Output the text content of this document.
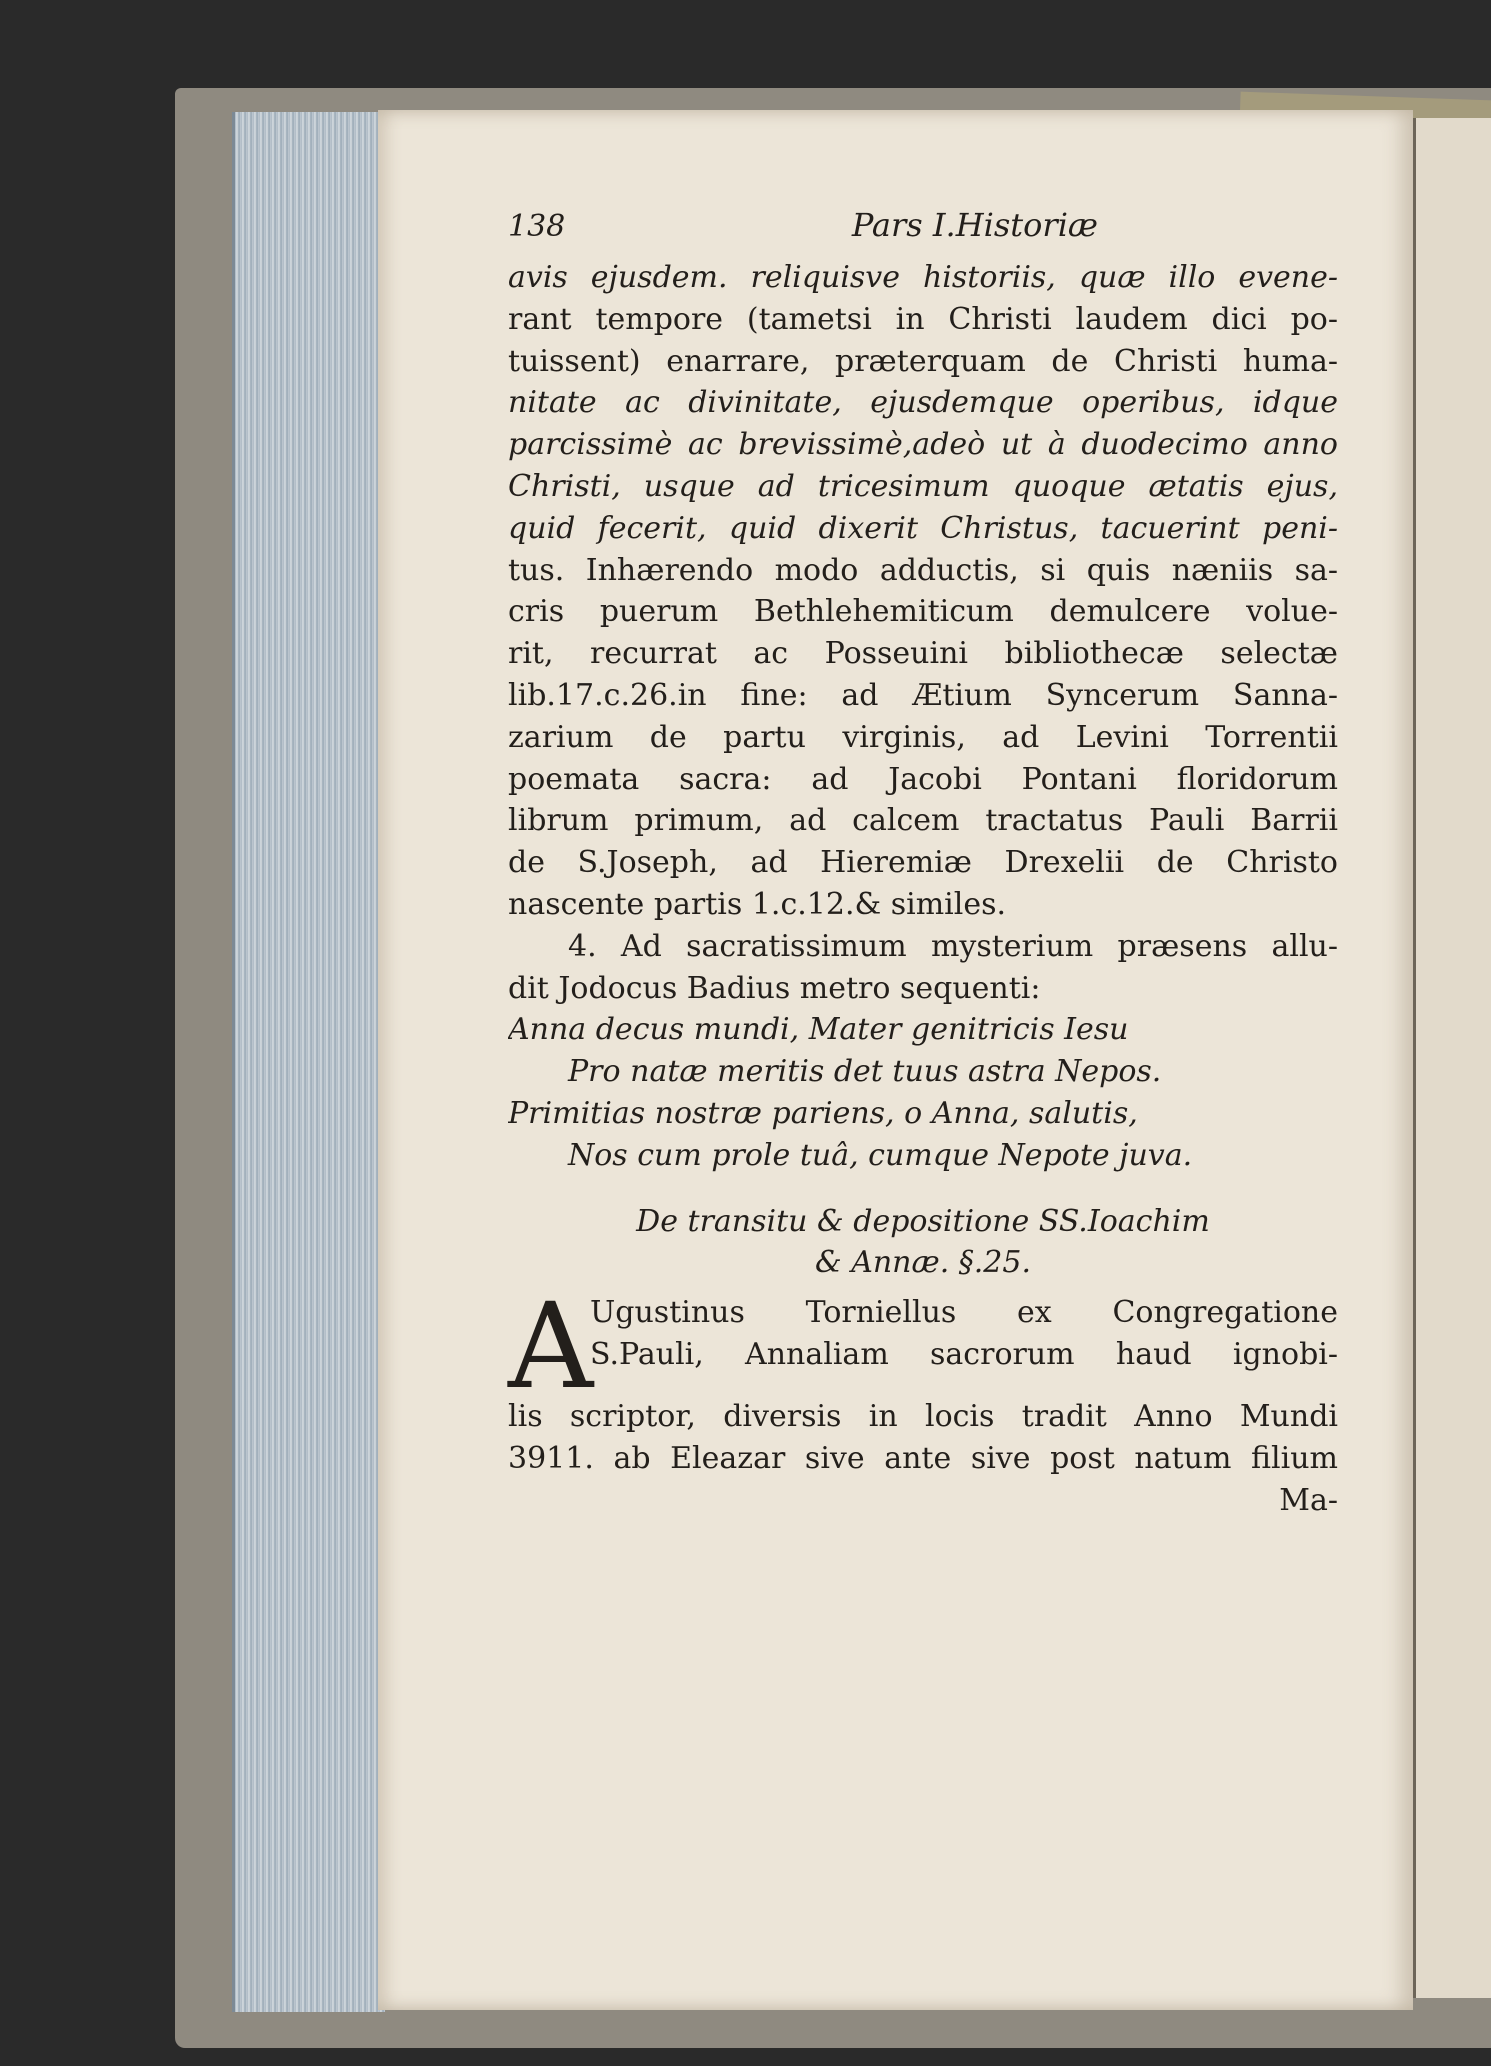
138	Pars I.Historiæ
avis ejusdem. reliquisve historiis, quæ illo evene-
rant tempore (tametsi in Christi laudem dici po-
tuissent) enarrare, præterquam de Christi huma-
nitate ac divinitate, ejusdemque operibus, idque
parcissimè ac brevissimè,adeò ut à duodecimo anno
Christi, usque ad tricesimum quoque ætatis ejus,
quid fecerit, quid dixerit Christus, tacuerint peni-
tus. Inhærendo modo adductis, si quis næniis sa-
cris puerum Bethlehemiticum demulcere volue-
rit, recurrat ac Posseuini bibliothecæ selectæ
lib.17.c.26.in fine: ad Ætium Syncerum Sanna-
zarium de partu virginis, ad Levini Torrentii
poemata sacra: ad Jacobi Pontani floridorum
librum primum, ad calcem tractatus Pauli Barrii
de S.Joseph, ad Hieremiæ Drexelii de Christo
nascente partis 1.c.12.& similes.
4. Ad sacratissimum mysterium præsens allu-
dit Jodocus Badius metro sequenti:
Anna decus mundi, Mater genitricis Iesu
Pro natæ meritis det tuus astra Nepos.
Primitias nostræ pariens, o Anna, salutis,
Nos cum prole tuâ, cumque Nepote juva.
De transitu & depositione SS.Ioachim
& Annæ. §.25.
A
Ugustinus Torniellus ex Congregatione
S.Pauli, Annaliam sacrorum haud ignobi-
lis scriptor, diversis in locis tradit Anno Mundi
3911. ab Eleazar sive ante sive post natum filium
Ma-
